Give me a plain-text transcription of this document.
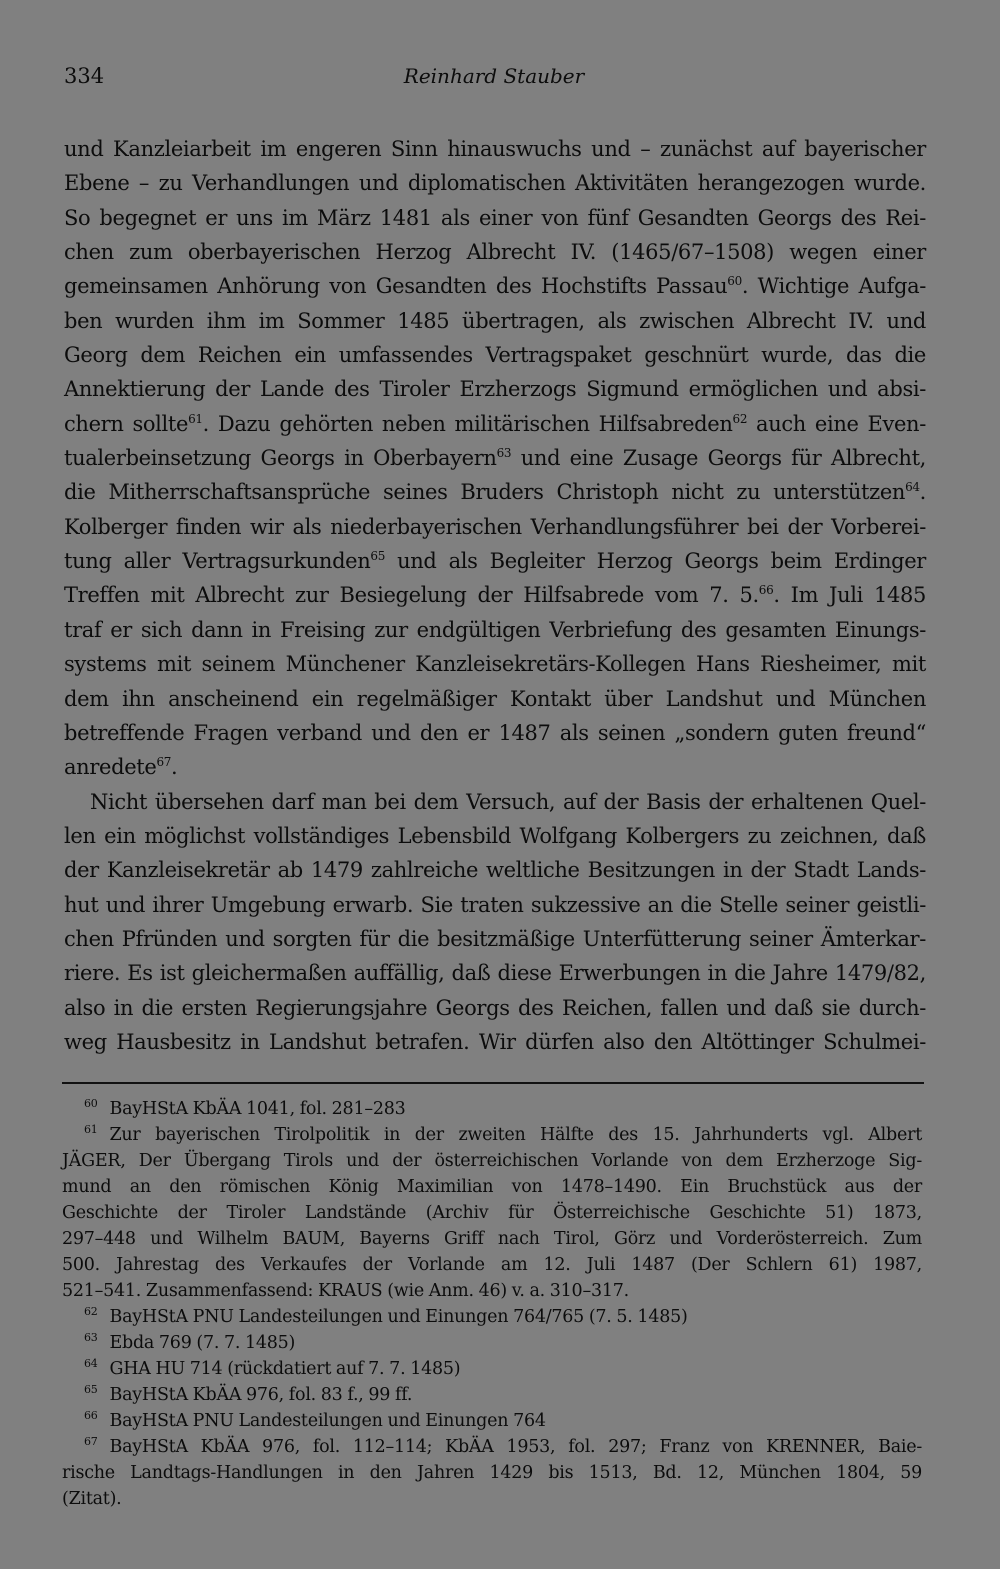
334	Reinhard Stauber
und Kanzleiarbeit im engeren Sinn hinauswuchs und – zunächst auf bayerischer
Ebene – zu Verhandlungen und diplomatischen Aktivitäten herangezogen wurde.
So begegnet er uns im März 1481 als einer von fünf Gesandten Georgs des Rei-
chen zum oberbayerischen Herzog Albrecht IV. (1465/67–1508) wegen einer
gemeinsamen Anhörung von Gesandten des Hochstifts Passau$^{60}$. Wichtige Aufga-
ben wurden ihm im Sommer 1485 übertragen, als zwischen Albrecht IV. und
Georg dem Reichen ein umfassendes Vertragspaket geschnürt wurde, das die
Annektierung der Lande des Tiroler Erzherzogs Sigmund ermöglichen und absi-
chern sollte$^{61}$. Dazu gehörten neben militärischen Hilfsabreden$^{62}$ auch eine Even-
tualerbeinsetzung Georgs in Oberbayern$^{63}$ und eine Zusage Georgs für Albrecht,
die Mitherrschaftsansprüche seines Bruders Christoph nicht zu unterstützen$^{64}$.
Kolberger finden wir als niederbayerischen Verhandlungsführer bei der Vorberei-
tung aller Vertragsurkunden$^{65}$ und als Begleiter Herzog Georgs beim Erdinger
Treffen mit Albrecht zur Besiegelung der Hilfsabrede vom 7. 5.66. Im Juli 1485
traf er sich dann in Freising zur endgültigen Verbriefung des gesamten Einungs-
systems mit seinem Münchener Kanzleisekretärs-Kollegen Hans Riesheimer, mit
dem ihn anscheinend ein regelmäßiger Kontakt über Landshut und München
betreffende Fragen verband und den er 1487 als seinen „sondern guten freund“
anredete$^{67}$.
Nicht übersehen darf man bei dem Versuch, auf der Basis der erhaltenen Quel-
len ein möglichst vollständiges Lebensbild Wolfgang Kolbergers zu zeichnen, daß
der Kanzleisekretär ab 1479 zahlreiche weltliche Besitzungen in der Stadt Lands-
hut und ihrer Umgebung erwarb. Sie traten sukzessive an die Stelle seiner geistli-
chen Pfründen und sorgten für die besitzmäßige Unterfütterung seiner Ämterkar-
riere. Es ist gleichermaßen auffällig, daß diese Erwerbungen in die Jahre 1479/82,
also in die ersten Regierungsjahre Georgs des Reichen, fallen und daß sie durch-
weg Hausbesitz in Landshut betrafen. Wir dürfen also den Altöttinger Schulmei-
$^{60}$ BayHStA KbÄA 1041, fol. 281–283
$^{61}$ Zur bayerischen Tirolpolitik in der zweiten Hälfte des 15. Jahrhunderts vgl. Albert
JÄGER, Der Übergang Tirols und der österreichischen Vorlande von dem Erzherzoge Sig-
mund an den römischen König Maximilian von 1478–1490. Ein Bruchstück aus der
Geschichte der Tiroler Landstände (Archiv für Österreichische Geschichte 51) 1873,
297–448 und Wilhelm BAUM, Bayerns Griff nach Tirol, Görz und Vorderösterreich. Zum
500. Jahrestag des Verkaufes der Vorlande am 12. Juli 1487 (Der Schlern 61) 1987,
521–541. Zusammenfassend: KRAUS (wie Anm. 46) v. a. 310–317.
$^{62}$ BayHStA PNU Landesteilungen und Einungen 764/765 (7. 5. 1485)
$^{63}$ Ebda 769 (7. 7. 1485)
$^{64}$ GHA HU 714 (rückdatiert auf 7. 7. 1485)
$^{65}$ BayHStA KbÄA 976, fol. 83 f., 99 ff.
$^{66}$ BayHStA PNU Landesteilungen und Einungen 764
$^{67}$ BayHStA KbÄA 976, fol. 112–114; KbÄA 1953, fol. 297; Franz von KRENNER, Baie-
rische Landtags-Handlungen in den Jahren 1429 bis 1513, Bd. 12, München 1804, 59
(Zitat).
